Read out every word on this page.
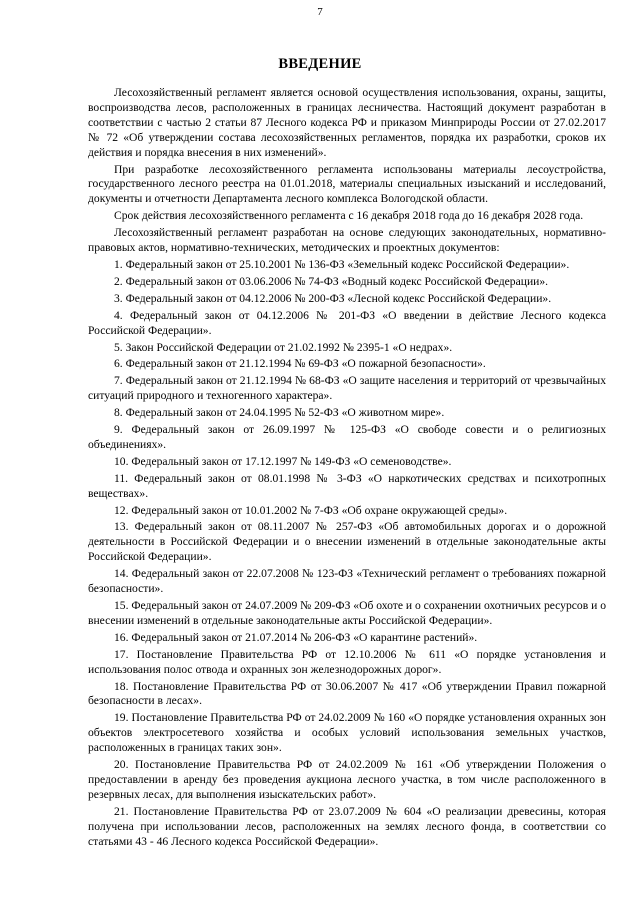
7
ВВЕДЕНИЕ

Лесохозяйственный регламент является основой осуществления использования, охраны, защиты, воспроизводства лесов, расположенных в границах лесничества. Настоящий документ разработан в соответствии с частью 2 статьи 87 Лесного кодекса РФ и приказом Минприроды России от 27.02.2017 № 72 «Об утверждении состава лесохозяйственных регламентов, порядка их разработки, сроков их действия и порядка внесения в них изменений».

При разработке лесохозяйственного регламента использованы материалы лесоустройства, государственного лесного реестра на 01.01.2018, материалы специальных изысканий и исследований, документы и отчетности Департамента лесного комплекса Вологодской области.

Срок действия лесохозяйственного регламента с 16 декабря 2018 года до 16 декабря 2028 года.

Лесохозяйственный регламент разработан на основе следующих законодательных, нормативно-правовых актов, нормативно-технических, методических и проектных документов:

1. Федеральный закон от 25.10.2001 № 136-ФЗ «Земельный кодекс Российской Федерации».

2. Федеральный закон от 03.06.2006 № 74-ФЗ «Водный кодекс Российской Федерации».

3. Федеральный закон от 04.12.2006 № 200-ФЗ «Лесной кодекс Российской Федерации».

4. Федеральный закон от 04.12.2006 № 201-ФЗ «О введении в действие Лесного кодекса Российской Федерации».

5. Закон Российской Федерации от 21.02.1992 № 2395-1 «О недрах».

6. Федеральный закон от 21.12.1994 № 69-ФЗ «О пожарной безопасности».

7. Федеральный закон от 21.12.1994 № 68-ФЗ «О защите населения и территорий от чрезвычайных ситуаций природного и техногенного характера».

8. Федеральный закон от 24.04.1995 № 52-ФЗ «О животном мире».

9. Федеральный закон от 26.09.1997 № 125-ФЗ «О свободе совести и о религиозных объединениях».

10. Федеральный закон от 17.12.1997 № 149-ФЗ «О семеноводстве».

11. Федеральный закон от 08.01.1998 № 3-ФЗ «О наркотических средствах и психотропных веществах».

12. Федеральный закон от 10.01.2002 № 7-ФЗ «Об охране окружающей среды».

13. Федеральный закон от 08.11.2007 № 257-ФЗ «Об автомобильных дорогах и о дорожной деятельности в Российской Федерации и о внесении изменений в отдельные законодательные акты Российской Федерации».

14. Федеральный закон от 22.07.2008 № 123-ФЗ «Технический регламент о требованиях пожарной безопасности».

15. Федеральный закон от 24.07.2009 № 209-ФЗ «Об охоте и о сохранении охотничьих ресурсов и о внесении изменений в отдельные законодательные акты Российской Федерации».

16. Федеральный закон от 21.07.2014 № 206-ФЗ «О карантине растений».

17. Постановление Правительства РФ от 12.10.2006 № 611 «О порядке установления и использования полос отвода и охранных зон железнодорожных дорог».

18. Постановление Правительства РФ от 30.06.2007 № 417 «Об утверждении Правил пожарной безопасности в лесах».

19. Постановление Правительства РФ от 24.02.2009 № 160 «О порядке установления охранных зон объектов электросетевого хозяйства и особых условий использования земельных участков, расположенных в границах таких зон».

20. Постановление Правительства РФ от 24.02.2009 № 161 «Об утверждении Положения о предоставлении в аренду без проведения аукциона лесного участка, в том числе расположенного в резервных лесах, для выполнения изыскательских работ».

21. Постановление Правительства РФ от 23.07.2009 № 604 «О реализации древесины, которая получена при использовании лесов, расположенных на землях лесного фонда, в соответствии со статьями 43 - 46 Лесного кодекса Российской Федерации».
